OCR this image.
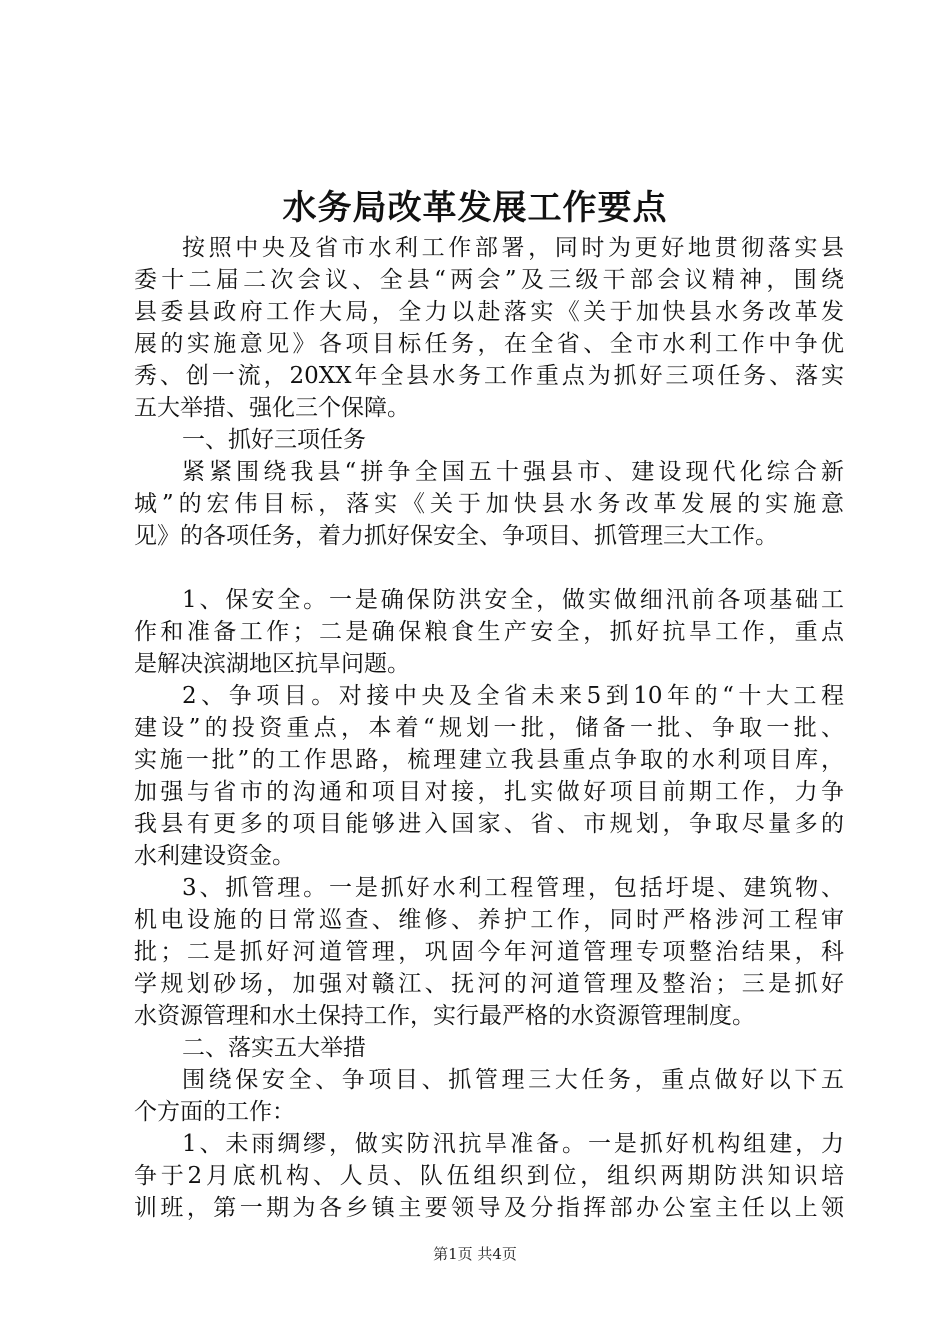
水务局改革发展工作要点
按照中央及省市水利工作部署，同时为更好地贯彻落实县
委十二届二次会议、全县“两会”及三级干部会议精神，围绕
县委县政府工作大局，全力以赴落实《关于加快县水务改革发
展的实施意见》各项目标任务，在全省、全市水利工作中争优
秀、创一流，20XX年全县水务工作重点为抓好三项任务、落实
五大举措、强化三个保障。
一、抓好三项任务
紧紧围绕我县“拼争全国五十强县市、建设现代化综合新
城”的宏伟目标，落实《关于加快县水务改革发展的实施意
见》的各项任务，着力抓好保安全、争项目、抓管理三大工作。
1、保安全。一是确保防洪安全，做实做细汛前各项基础工
作和准备工作；二是确保粮食生产安全，抓好抗旱工作，重点
是解决滨湖地区抗旱问题。
2、争项目。对接中央及全省未来5到10年的“十大工程
建设”的投资重点，本着“规划一批，储备一批、争取一批、
实施一批”的工作思路，梳理建立我县重点争取的水利项目库，
加强与省市的沟通和项目对接，扎实做好项目前期工作，力争
我县有更多的项目能够进入国家、省、市规划，争取尽量多的
水利建设资金。
3、抓管理。一是抓好水利工程管理，包括圩堤、建筑物、
机电设施的日常巡查、维修、养护工作，同时严格涉河工程审
批；二是抓好河道管理，巩固今年河道管理专项整治结果，科
学规划砂场，加强对赣江、抚河的河道管理及整治；三是抓好
水资源管理和水土保持工作，实行最严格的水资源管理制度。
二、落实五大举措
围绕保安全、争项目、抓管理三大任务，重点做好以下五
个方面的工作：
1、未雨绸缪，做实防汛抗旱准备。一是抓好机构组建，力
争于2月底机构、人员、队伍组织到位，组织两期防洪知识培
训班，第一期为各乡镇主要领导及分指挥部办公室主任以上领
第1页 共4页
